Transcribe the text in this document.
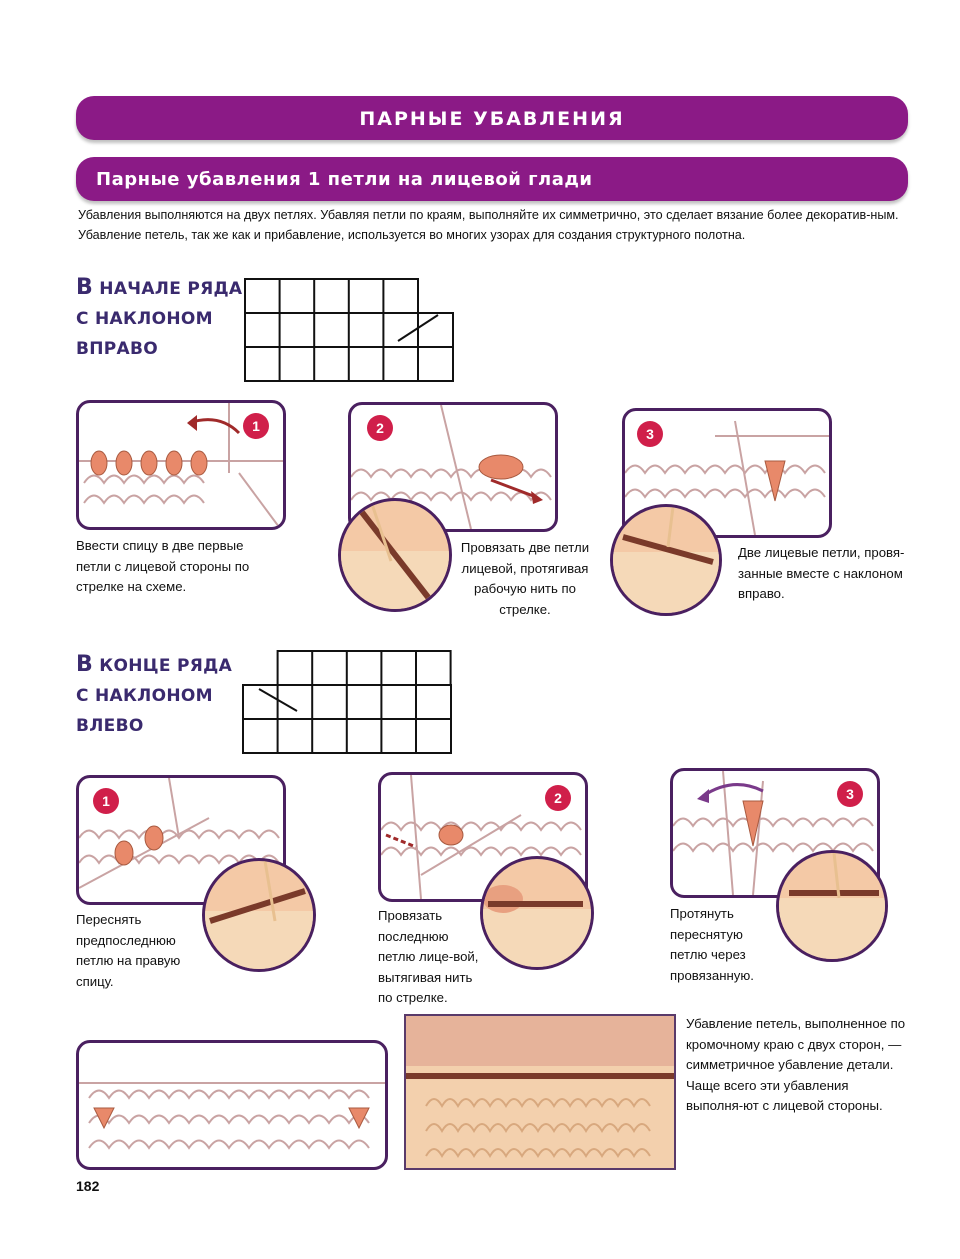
ПАРНЫЕ УБАВЛЕНИЯ
Парные убавления 1 петли на лицевой глади
Убавления выполняются на двух петлях. Убавляя петли по краям, выполняйте их симметрично, это сделает вязание более декоратив-ным. Убавление петель, так же как и прибавление, используется во многих узорах для создания структурного полотна.
В НАЧАЛЕ РЯДА
С НАКЛОНОМ
ВПРАВО
1
Ввести спицу в две первые петли с лицевой стороны по стрелке на схеме.
2
Провязать две петли лицевой, протягивая рабочую нить по стрелке.
3
Две лицевые петли, провя-занные вместе с наклоном вправо.
В КОНЦЕ РЯДА
С НАКЛОНОМ
ВЛЕВО
1
Переснять предпоследнюю петлю на правую спицу.
2
Провязать последнюю петлю лице-вой, вытягивая нить по стрелке.
3
Протянуть переснятую петлю через провязанную.
Убавление петель, выполненное по кромочному краю с двух сторон, — симметричное убавление детали. Чаще всего эти убавления выполня-ют с лицевой стороны.
182
